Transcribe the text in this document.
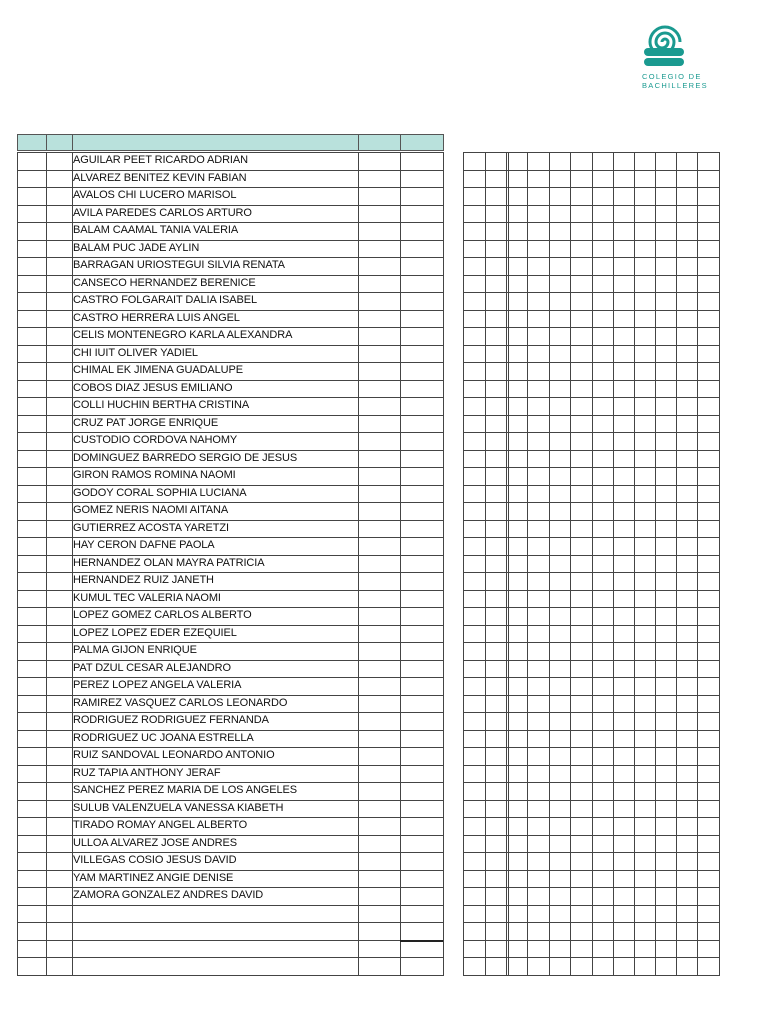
COLEGIO DE
BACHILLERES
AGUILAR PEET RICARDO ADRIAN
ALVAREZ BENITEZ KEVIN FABIAN
AVALOS CHI LUCERO MARISOL
AVILA PAREDES CARLOS ARTURO
BALAM CAAMAL TANIA VALERIA
BALAM PUC JADE AYLIN
BARRAGAN URIOSTEGUI SILVIA RENATA
CANSECO HERNANDEZ BERENICE
CASTRO FOLGARAIT DALIA ISABEL
CASTRO HERRERA LUIS ANGEL
CELIS MONTENEGRO KARLA ALEXANDRA
CHI IUIT OLIVER YADIEL
CHIMAL EK JIMENA GUADALUPE
COBOS DIAZ JESUS EMILIANO
COLLI HUCHIN BERTHA CRISTINA
CRUZ PAT JORGE ENRIQUE
CUSTODIO CORDOVA NAHOMY
DOMINGUEZ BARREDO SERGIO DE JESUS
GIRON RAMOS ROMINA NAOMI
GODOY CORAL SOPHIA LUCIANA
GOMEZ NERIS NAOMI AITANA
GUTIERREZ ACOSTA YARETZI
HAY CERON DAFNE PAOLA
HERNANDEZ OLAN MAYRA PATRICIA
HERNANDEZ RUIZ JANETH
KUMUL TEC VALERIA NAOMI
LOPEZ GOMEZ CARLOS ALBERTO
LOPEZ LOPEZ EDER EZEQUIEL
PALMA GIJON ENRIQUE
PAT DZUL CESAR ALEJANDRO
PEREZ LOPEZ ANGELA VALERIA
RAMIREZ VASQUEZ CARLOS LEONARDO
RODRIGUEZ RODRIGUEZ FERNANDA
RODRIGUEZ UC JOANA ESTRELLA
RUIZ SANDOVAL LEONARDO ANTONIO
RUZ TAPIA ANTHONY JERAF
SANCHEZ PEREZ MARIA DE LOS ANGELES
SULUB VALENZUELA VANESSA KIABETH
TIRADO ROMAY ANGEL ALBERTO
ULLOA ALVAREZ JOSE ANDRES
VILLEGAS COSIO JESUS DAVID
YAM MARTINEZ ANGIE DENISE
ZAMORA GONZALEZ ANDRES DAVID
